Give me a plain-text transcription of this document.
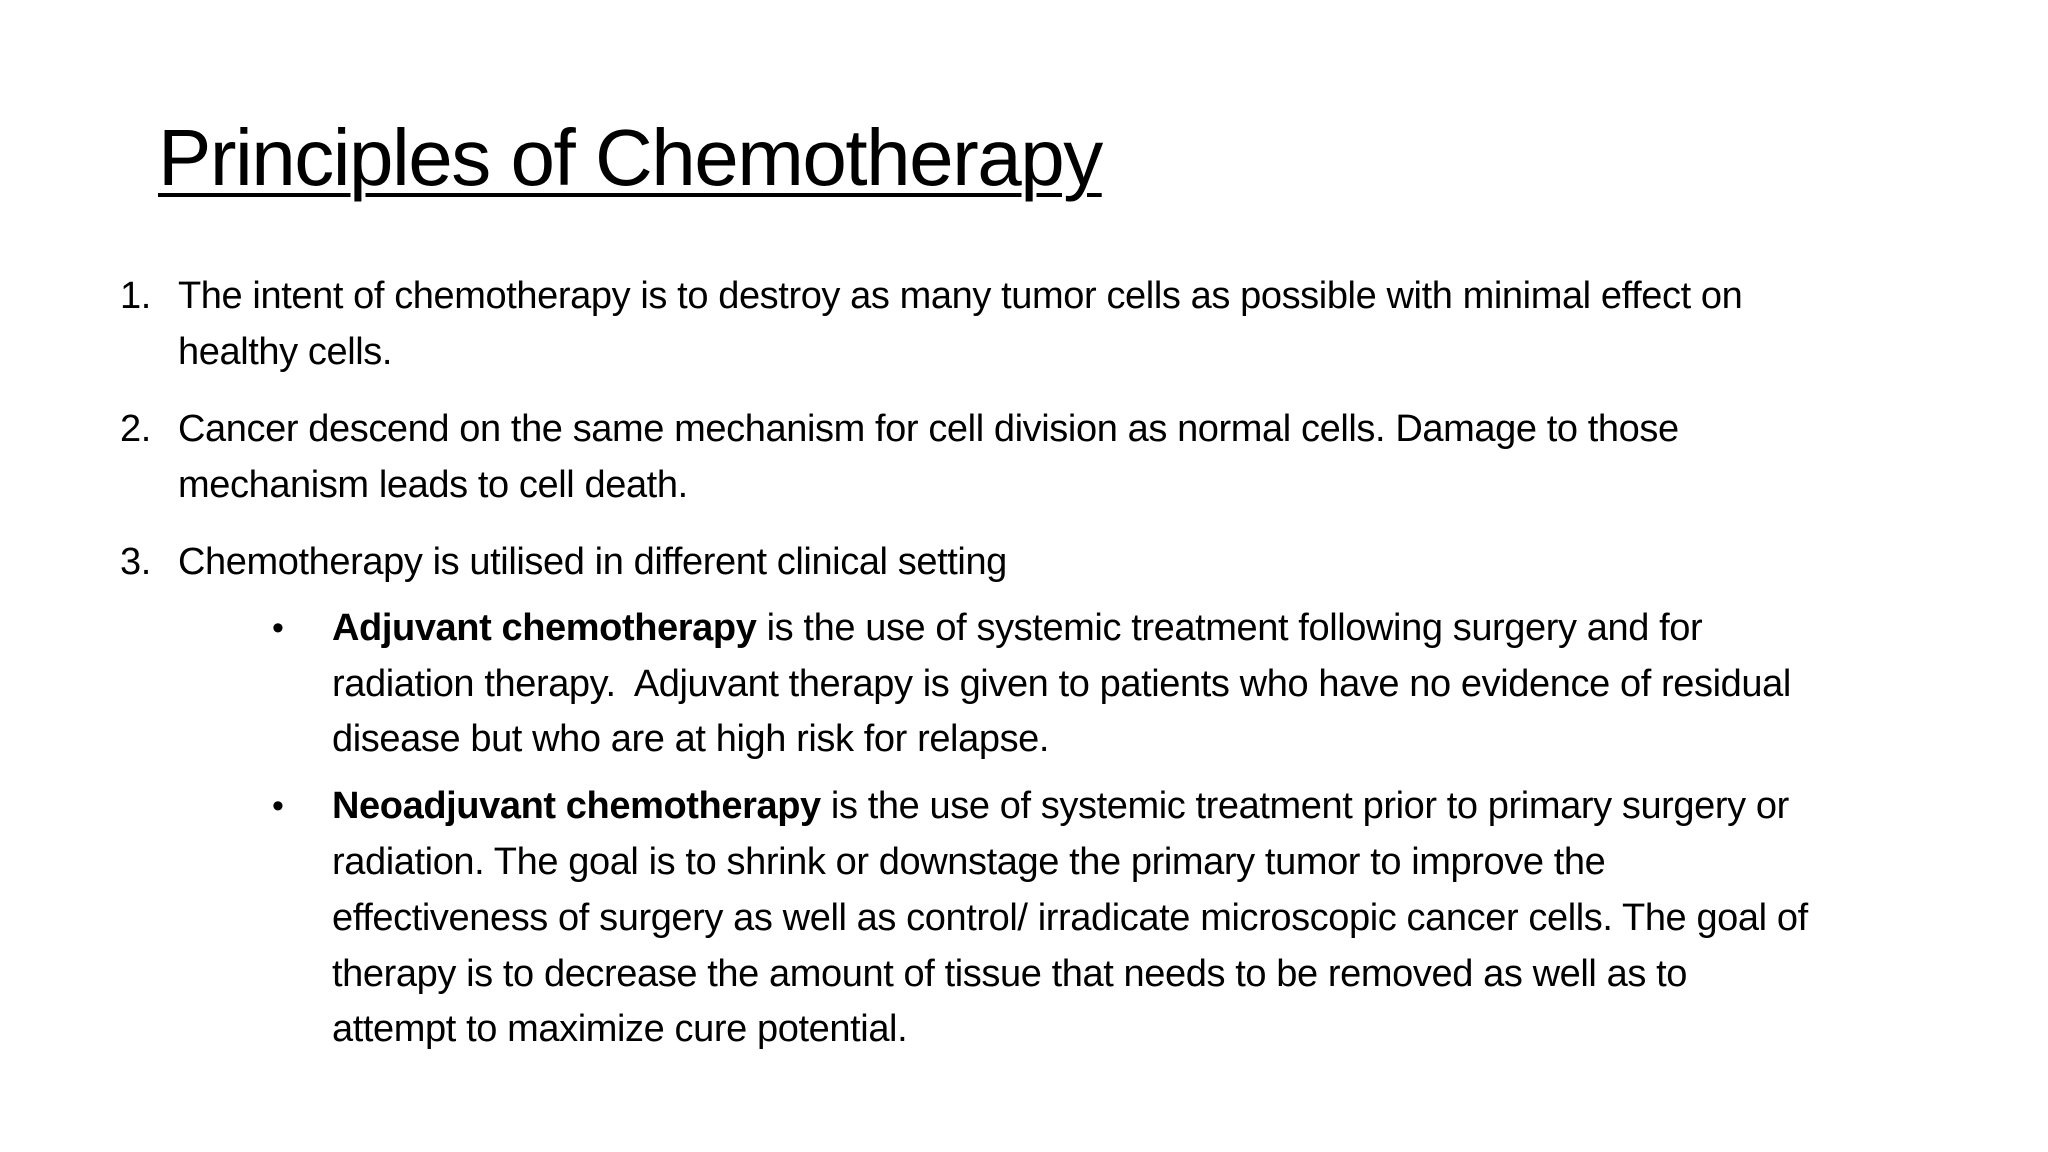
Principles of Chemotherapy
1. The intent of chemotherapy is to destroy as many tumor cells as possible with minimal effect on
healthy cells.
2. Cancer descend on the same mechanism for cell division as normal cells. Damage to those
mechanism leads to cell death.
3. Chemotherapy is utilised in different clinical setting
•	Adjuvant chemotherapy is the use of systemic treatment following surgery and for
radiation therapy.  Adjuvant therapy is given to patients who have no evidence of residual
disease but who are at high risk for relapse.
•	Neoadjuvant chemotherapy is the use of systemic treatment prior to primary surgery or
radiation. The goal is to shrink or downstage the primary tumor to improve the
effectiveness of surgery as well as control/ irradicate microscopic cancer cells. The goal of
therapy is to decrease the amount of tissue that needs to be removed as well as to
attempt to maximize cure potential.
